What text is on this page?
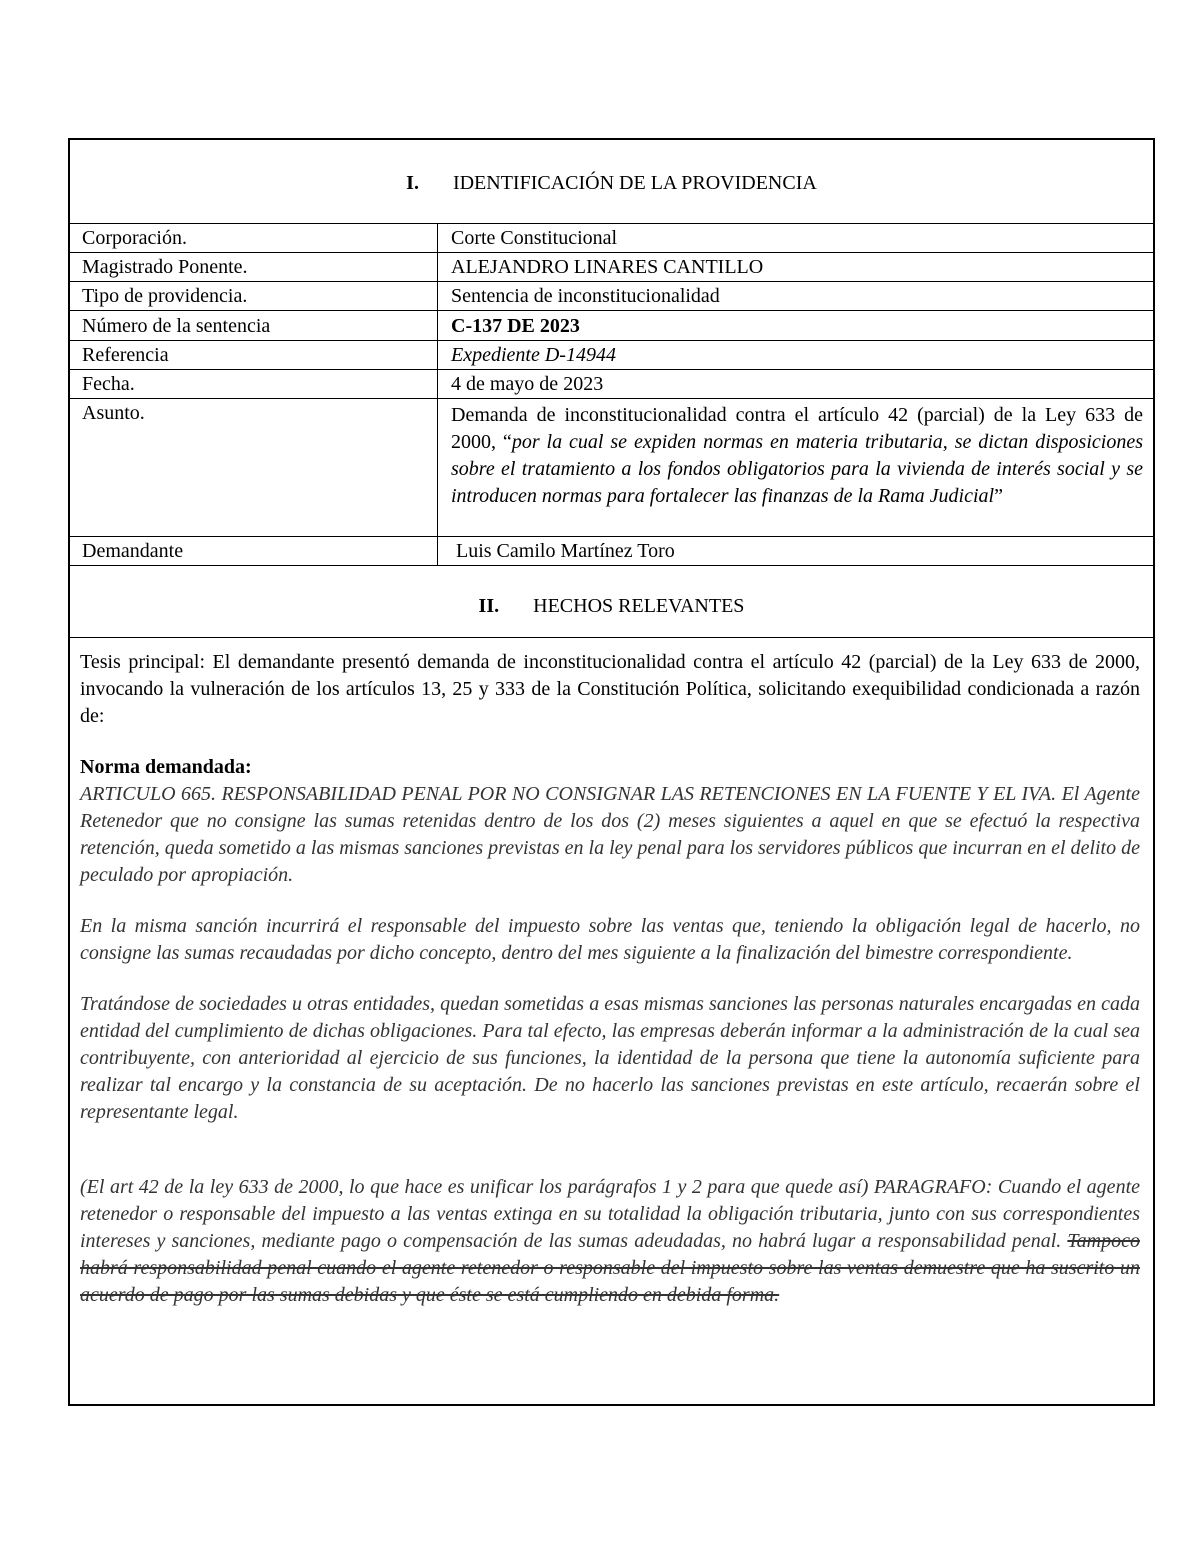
I. IDENTIFICACIÓN DE LA PROVIDENCIA
Corporación.	Corte Constitucional
Magistrado Ponente.	ALEJANDRO LINARES CANTILLO
Tipo de providencia.	Sentencia de inconstitucionalidad
Número de la sentencia	C-137 DE 2023
Referencia	Expediente D-14944
Fecha.	4 de mayo de 2023
Asunto.	Demanda de inconstitucionalidad contra el artículo 42 (parcial) de la Ley 633 de 2000, “por la cual se expiden normas en materia tributaria, se dictan disposiciones sobre el tratamiento a los fondos obligatorios para la vivienda de interés social y se introducen normas para fortalecer las finanzas de la Rama Judicial”
Demandante	Luis Camilo Martínez Toro
II. HECHOS RELEVANTES
Tesis principal: El demandante presentó demanda de inconstitucionalidad contra el artículo 42 (parcial) de la Ley 633 de 2000, invocando la vulneración de los artículos 13, 25 y 333 de la Constitución Política, solicitando exequibilidad condicionada a razón de:
Norma demandada:
ARTICULO 665. RESPONSABILIDAD PENAL POR NO CONSIGNAR LAS RETENCIONES EN LA FUENTE Y EL IVA. El Agente Retenedor que no consigne las sumas retenidas dentro de los dos (2) meses siguientes a aquel en que se efectuó la respectiva retención, queda sometido a las mismas sanciones previstas en la ley penal para los servidores públicos que incurran en el delito de peculado por apropiación.
En la misma sanción incurrirá el responsable del impuesto sobre las ventas que, teniendo la obligación legal de hacerlo, no consigne las sumas recaudadas por dicho concepto, dentro del mes siguiente a la finalización del bimestre correspondiente.
Tratándose de sociedades u otras entidades, quedan sometidas a esas mismas sanciones las personas naturales encargadas en cada entidad del cumplimiento de dichas obligaciones. Para tal efecto, las empresas deberán informar a la administración de la cual sea contribuyente, con anterioridad al ejercicio de sus funciones, la identidad de la persona que tiene la autonomía suficiente para realizar tal encargo y la constancia de su aceptación. De no hacerlo las sanciones previstas en este artículo, recaerán sobre el representante legal.
(El art 42 de la ley 633 de 2000, lo que hace es unificar los parágrafos 1 y 2 para que quede así) PARAGRAFO: Cuando el agente retenedor o responsable del impuesto a las ventas extinga en su totalidad la obligación tributaria, junto con sus correspondientes intereses y sanciones, mediante pago o compensación de las sumas adeudadas, no habrá lugar a responsabilidad penal. Tampoco habrá responsabilidad penal cuando el agente retenedor o responsable del impuesto sobre las ventas demuestre que ha suscrito un acuerdo de pago por las sumas debidas y que éste se está cumpliendo en debida forma.
